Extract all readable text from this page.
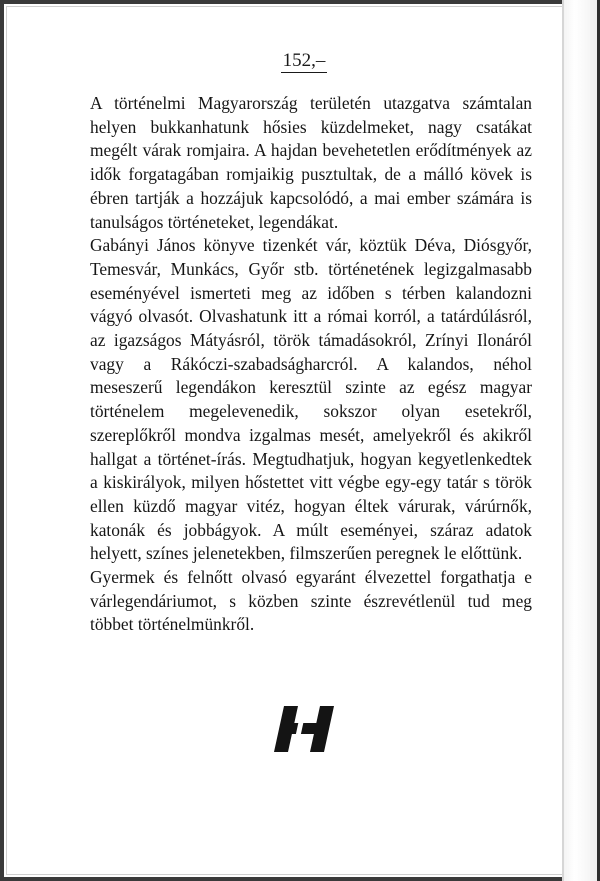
152,–

A történelmi Magyarország területén utazgatva számtalan helyen bukkanhatunk hősies küzdelmeket, nagy csatákat megélt várak romjaira. A hajdan bevehetetlen erődítmények az idők forgatagában romjaikig pusztultak, de a málló kövek is ébren tartják a hozzájuk kapcsolódó, a mai ember számára is tanulságos történeteket, legendákat.

Gabányi János könyve tizenkét vár, köztük Déva, Diósgyőr, Temesvár, Munkács, Győr stb. történetének legizgalmasabb eseményével ismerteti meg az időben s térben kalandozni vágyó olvasót. Olvashatunk itt a római korról, a tatárdúlásról, az igazságos Mátyásról, török támadásokról, Zrínyi Ilonáról vagy a Rákóczi-szabadságharcról. A kalandos, néhol meseszerű legendákon keresztül szinte az egész magyar történelem megelevenedik, sokszor olyan esetekről, szereplőkről mondva izgalmas mesét, amelyekről és akikről hallgat a történet-írás. Megtudhatjuk, hogyan kegyetlenkedtek a kiskirályok, milyen hőstettet vitt végbe egy-egy tatár s török ellen küzdő magyar vitéz, hogyan éltek várurak, várúrnők, katonák és jobbágyok. A múlt eseményei, száraz adatok helyett, színes jelenetekben, filmszerűen peregnek le előttünk.

Gyermek és felnőtt olvasó egyaránt élvezettel forgathatja e várlegendáriumot, s közben szinte észrevétlenül tud meg többet történelmünkről.
